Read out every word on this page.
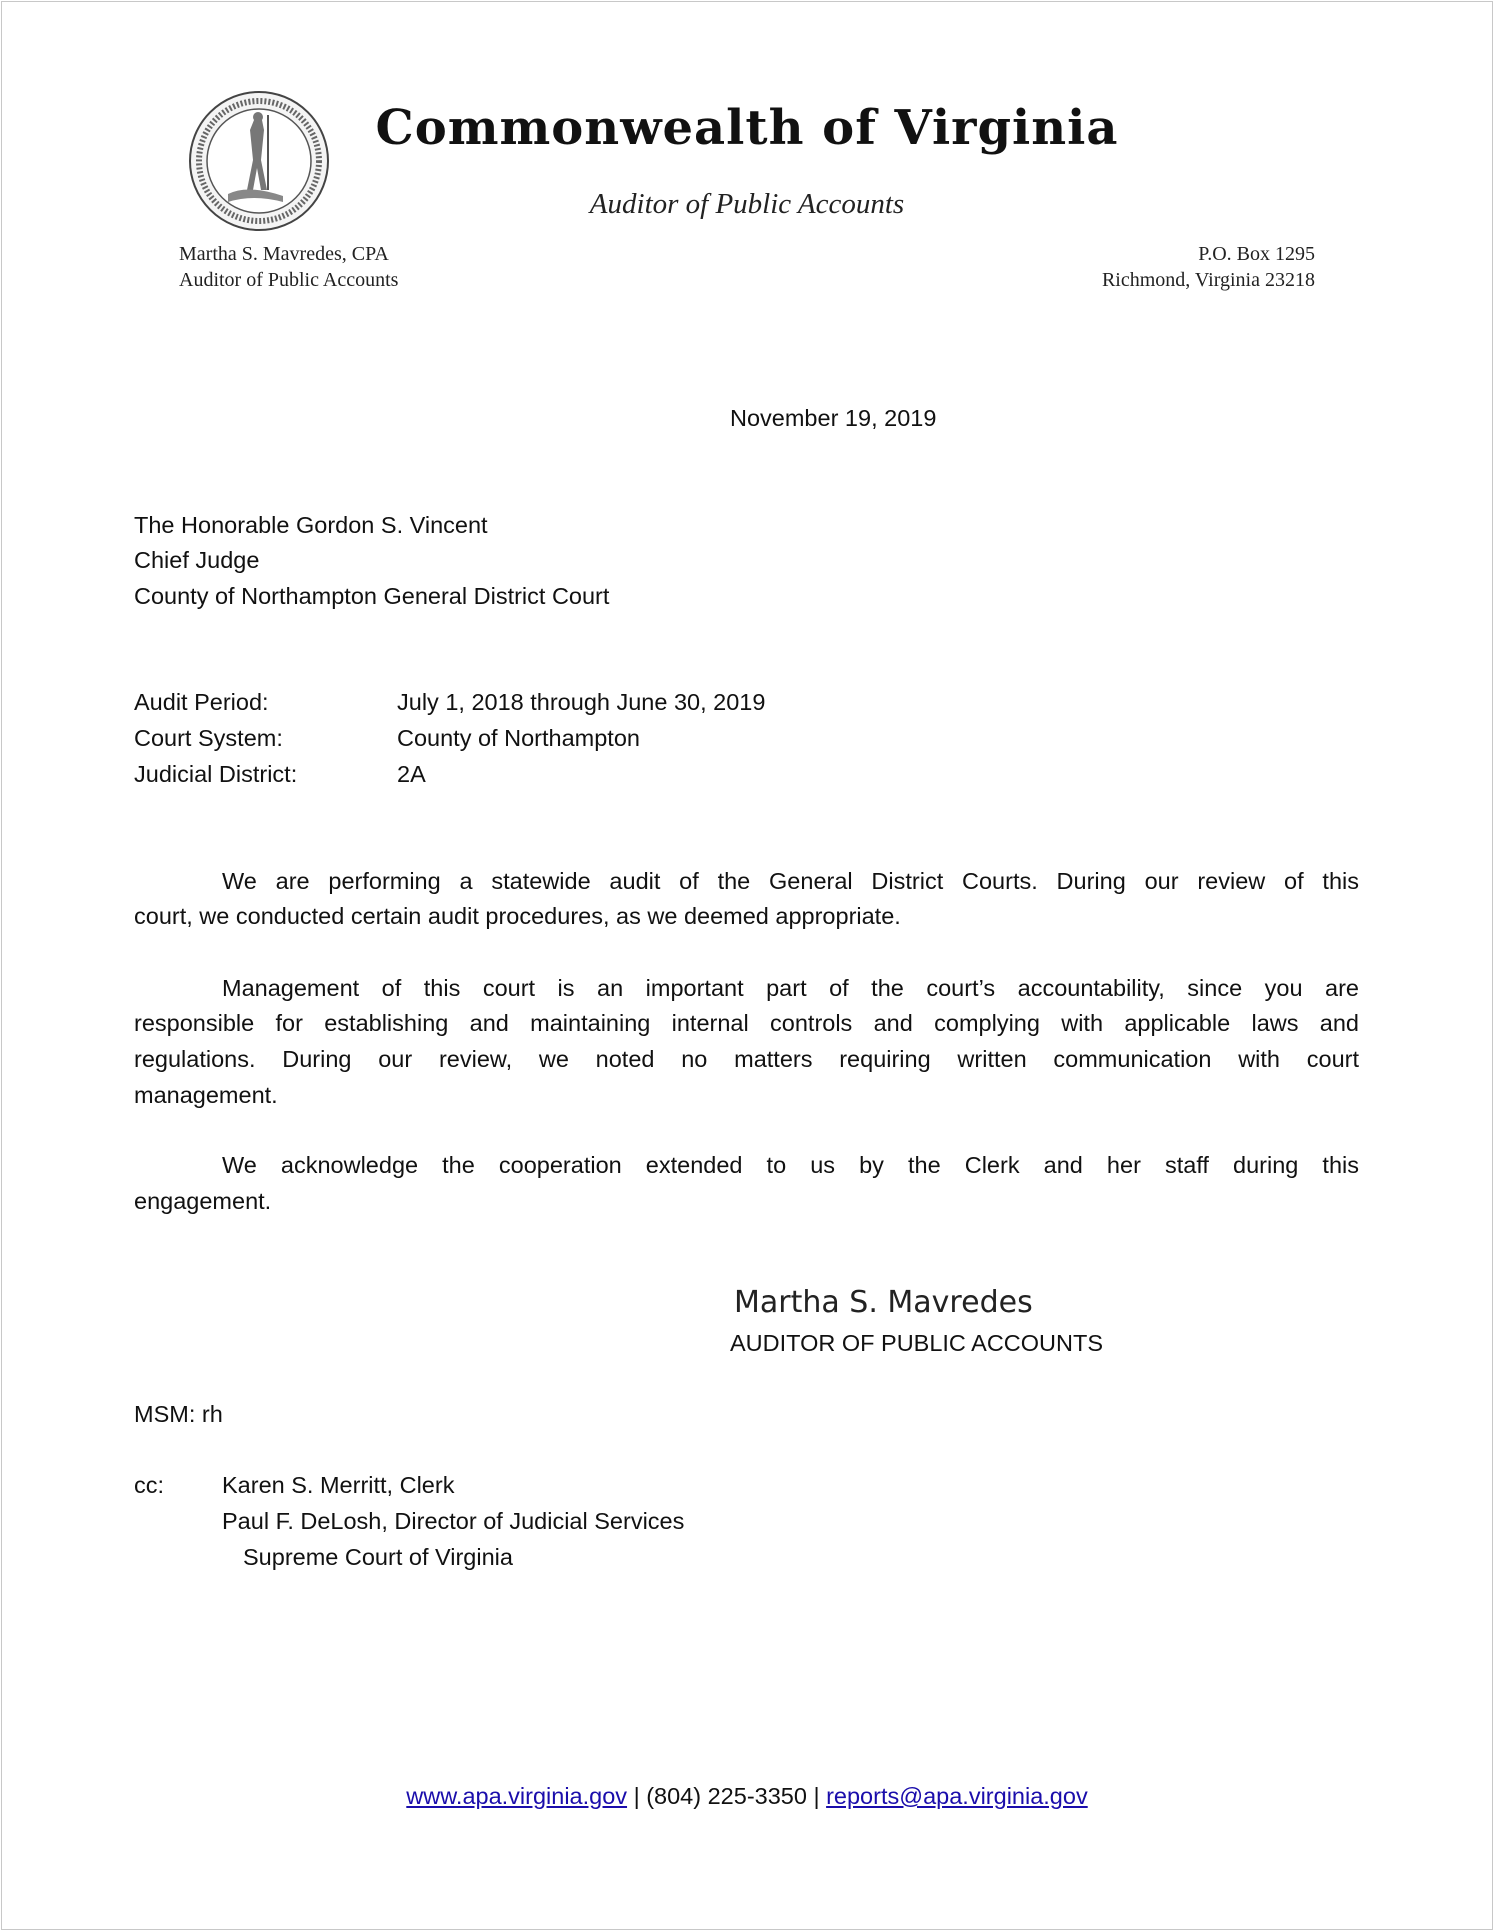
Commonwealth of Virginia
Auditor of Public Accounts
Martha S. Mavredes, CPA
Auditor of Public Accounts
P.O. Box 1295
Richmond, Virginia 23218
November 19, 2019
The Honorable Gordon S. Vincent
Chief Judge
County of Northampton General District Court
Audit Period:	July 1, 2018 through June 30, 2019
Court System:	County of Northampton
Judicial District:	2A
We are performing a statewide audit of the General District Courts. During our review of this
court, we conducted certain audit procedures, as we deemed appropriate.
Management of this court is an important part of the court’s accountability, since you are
responsible for establishing and maintaining internal controls and complying with applicable laws and
regulations. During our review, we noted no matters requiring written communication with court
management.
We acknowledge the cooperation extended to us by the Clerk and her staff during this
engagement.
Martha S. Mavredes
AUDITOR OF PUBLIC ACCOUNTS
MSM: rh
cc: Karen S. Merritt, Clerk
Paul F. DeLosh, Director of Judicial Services
Supreme Court of Virginia
www.apa.virginia.gov | (804) 225-3350 | reports@apa.virginia.gov
